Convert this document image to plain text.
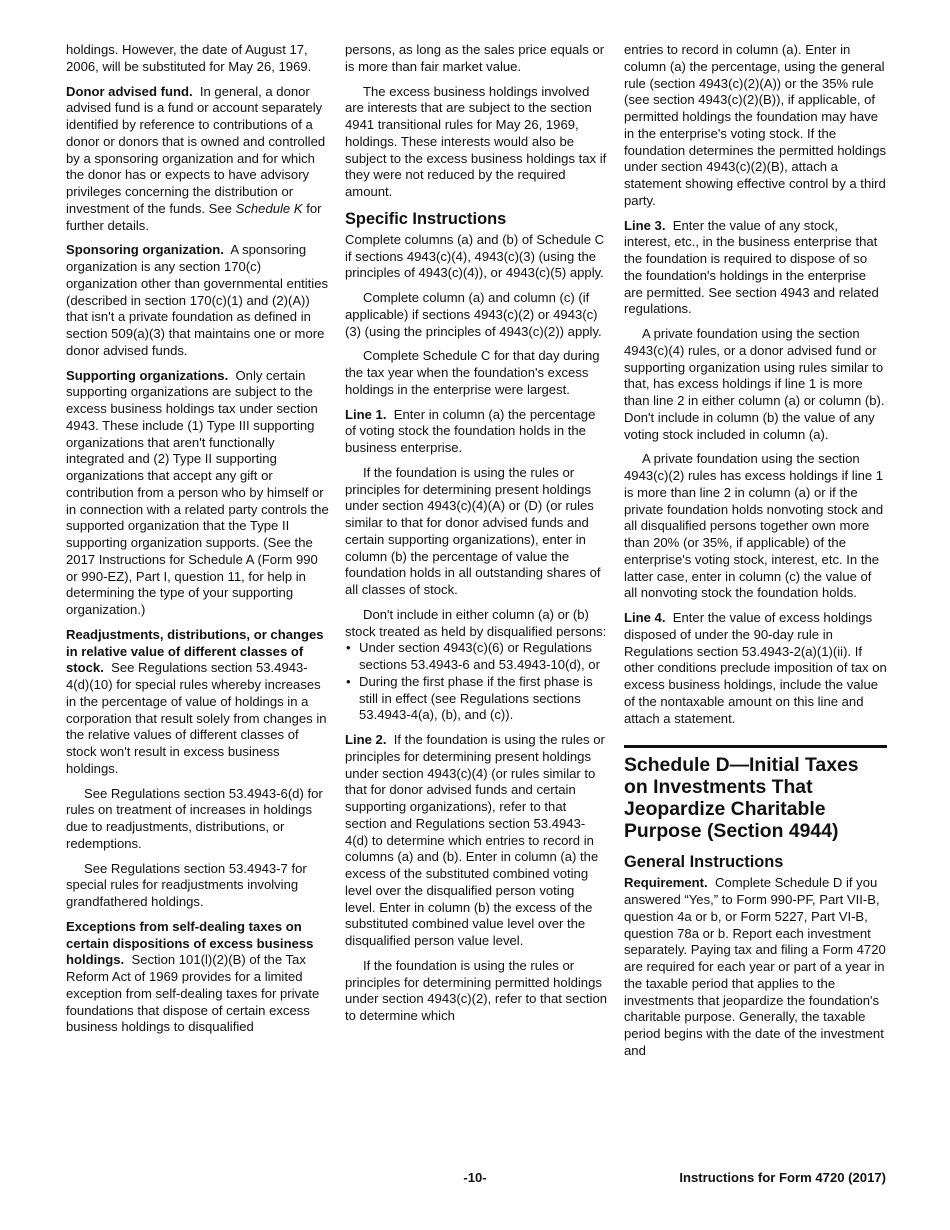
holdings. However, the date of August 17, 2006, will be substituted for May 26, 1969.

Donor advised fund. In general, a donor advised fund is a fund or account separately identified by reference to contributions of a donor or donors that is owned and controlled by a sponsoring organization and for which the donor has or expects to have advisory privileges concerning the distribution or investment of the funds. See Schedule K for further details.

Sponsoring organization. A sponsoring organization is any section 170(c) organization other than governmental entities (described in section 170(c)(1) and (2)(A)) that isn't a private foundation as defined in section 509(a)(3) that maintains one or more donor advised funds.

Supporting organizations. Only certain supporting organizations are subject to the excess business holdings tax under section 4943. These include (1) Type III supporting organizations that aren't functionally integrated and (2) Type II supporting organizations that accept any gift or contribution from a person who by himself or in connection with a related party controls the supported organization that the Type II supporting organization supports. (See the 2017 Instructions for Schedule A (Form 990 or 990-EZ), Part I, question 11, for help in determining the type of your supporting organization.)

Readjustments, distributions, or changes in relative value of different classes of stock. See Regulations section 53.4943-4(d)(10) for special rules whereby increases in the percentage of value of holdings in a corporation that result solely from changes in the relative values of different classes of stock won't result in excess business holdings.

See Regulations section 53.4943-6(d) for rules on treatment of increases in holdings due to readjustments, distributions, or redemptions.

See Regulations section 53.4943-7 for special rules for readjustments involving grandfathered holdings.

Exceptions from self-dealing taxes on certain dispositions of excess business holdings. Section 101(l)(2)(B) of the Tax Reform Act of 1969 provides for a limited exception from self-dealing taxes for private foundations that dispose of certain excess business holdings to disqualified

persons, as long as the sales price equals or is more than fair market value.

The excess business holdings involved are interests that are subject to the section 4941 transitional rules for May 26, 1969, holdings. These interests would also be subject to the excess business holdings tax if they were not reduced by the required amount.

Specific Instructions

Complete columns (a) and (b) of Schedule C if sections 4943(c)(4), 4943(c)(3) (using the principles of 4943(c)(4)), or 4943(c)(5) apply.

Complete column (a) and column (c) (if applicable) if sections 4943(c)(2) or 4943(c)(3) (using the principles of 4943(c)(2)) apply.

Complete Schedule C for that day during the tax year when the foundation's excess holdings in the enterprise were largest.

Line 1. Enter in column (a) the percentage of voting stock the foundation holds in the business enterprise.

If the foundation is using the rules or principles for determining present holdings under section 4943(c)(4)(A) or (D) (or rules similar to that for donor advised funds and certain supporting organizations), enter in column (b) the percentage of value the foundation holds in all outstanding shares of all classes of stock.

Don't include in either column (a) or (b) stock treated as held by disqualified persons:

• Under section 4943(c)(6) or Regulations sections 53.4943-6 and 53.4943-10(d), or
• During the first phase if the first phase is still in effect (see Regulations sections 53.4943-4(a), (b), and (c)).

Line 2. If the foundation is using the rules or principles for determining present holdings under section 4943(c)(4) (or rules similar to that for donor advised funds and certain supporting organizations), refer to that section and Regulations section 53.4943-4(d) to determine which entries to record in columns (a) and (b). Enter in column (a) the excess of the substituted combined voting level over the disqualified person voting level. Enter in column (b) the excess of the substituted combined value level over the disqualified person value level.

If the foundation is using the rules or principles for determining permitted holdings under section 4943(c)(2), refer to that section to determine which

entries to record in column (a). Enter in column (a) the percentage, using the general rule (section 4943(c)(2)(A)) or the 35% rule (see section 4943(c)(2)(B)), if applicable, of permitted holdings the foundation may have in the enterprise's voting stock. If the foundation determines the permitted holdings under section 4943(c)(2)(B), attach a statement showing effective control by a third party.

Line 3. Enter the value of any stock, interest, etc., in the business enterprise that the foundation is required to dispose of so the foundation's holdings in the enterprise are permitted. See section 4943 and related regulations.

A private foundation using the section 4943(c)(4) rules, or a donor advised fund or supporting organization using rules similar to that, has excess holdings if line 1 is more than line 2 in either column (a) or column (b). Don't include in column (b) the value of any voting stock included in column (a).

A private foundation using the section 4943(c)(2) rules has excess holdings if line 1 is more than line 2 in column (a) or if the private foundation holds nonvoting stock and all disqualified persons together own more than 20% (or 35%, if applicable) of the enterprise's voting stock, interest, etc. In the latter case, enter in column (c) the value of all nonvoting stock the foundation holds.

Line 4. Enter the value of excess holdings disposed of under the 90-day rule in Regulations section 53.4943-2(a)(1)(ii). If other conditions preclude imposition of tax on excess business holdings, include the value of the nontaxable amount on this line and attach a statement.

Schedule D—Initial Taxes on Investments That Jeopardize Charitable Purpose (Section 4944)
General Instructions

Requirement. Complete Schedule D if you answered “Yes,” to Form 990-PF, Part VII-B, question 4a or b, or Form 5227, Part VI-B, question 78a or b. Report each investment separately. Paying tax and filing a Form 4720 are required for each year or part of a year in the taxable period that applies to the investments that jeopardize the foundation's charitable purpose. Generally, the taxable period begins with the date of the investment and

-10-	Instructions for Form 4720 (2017)
